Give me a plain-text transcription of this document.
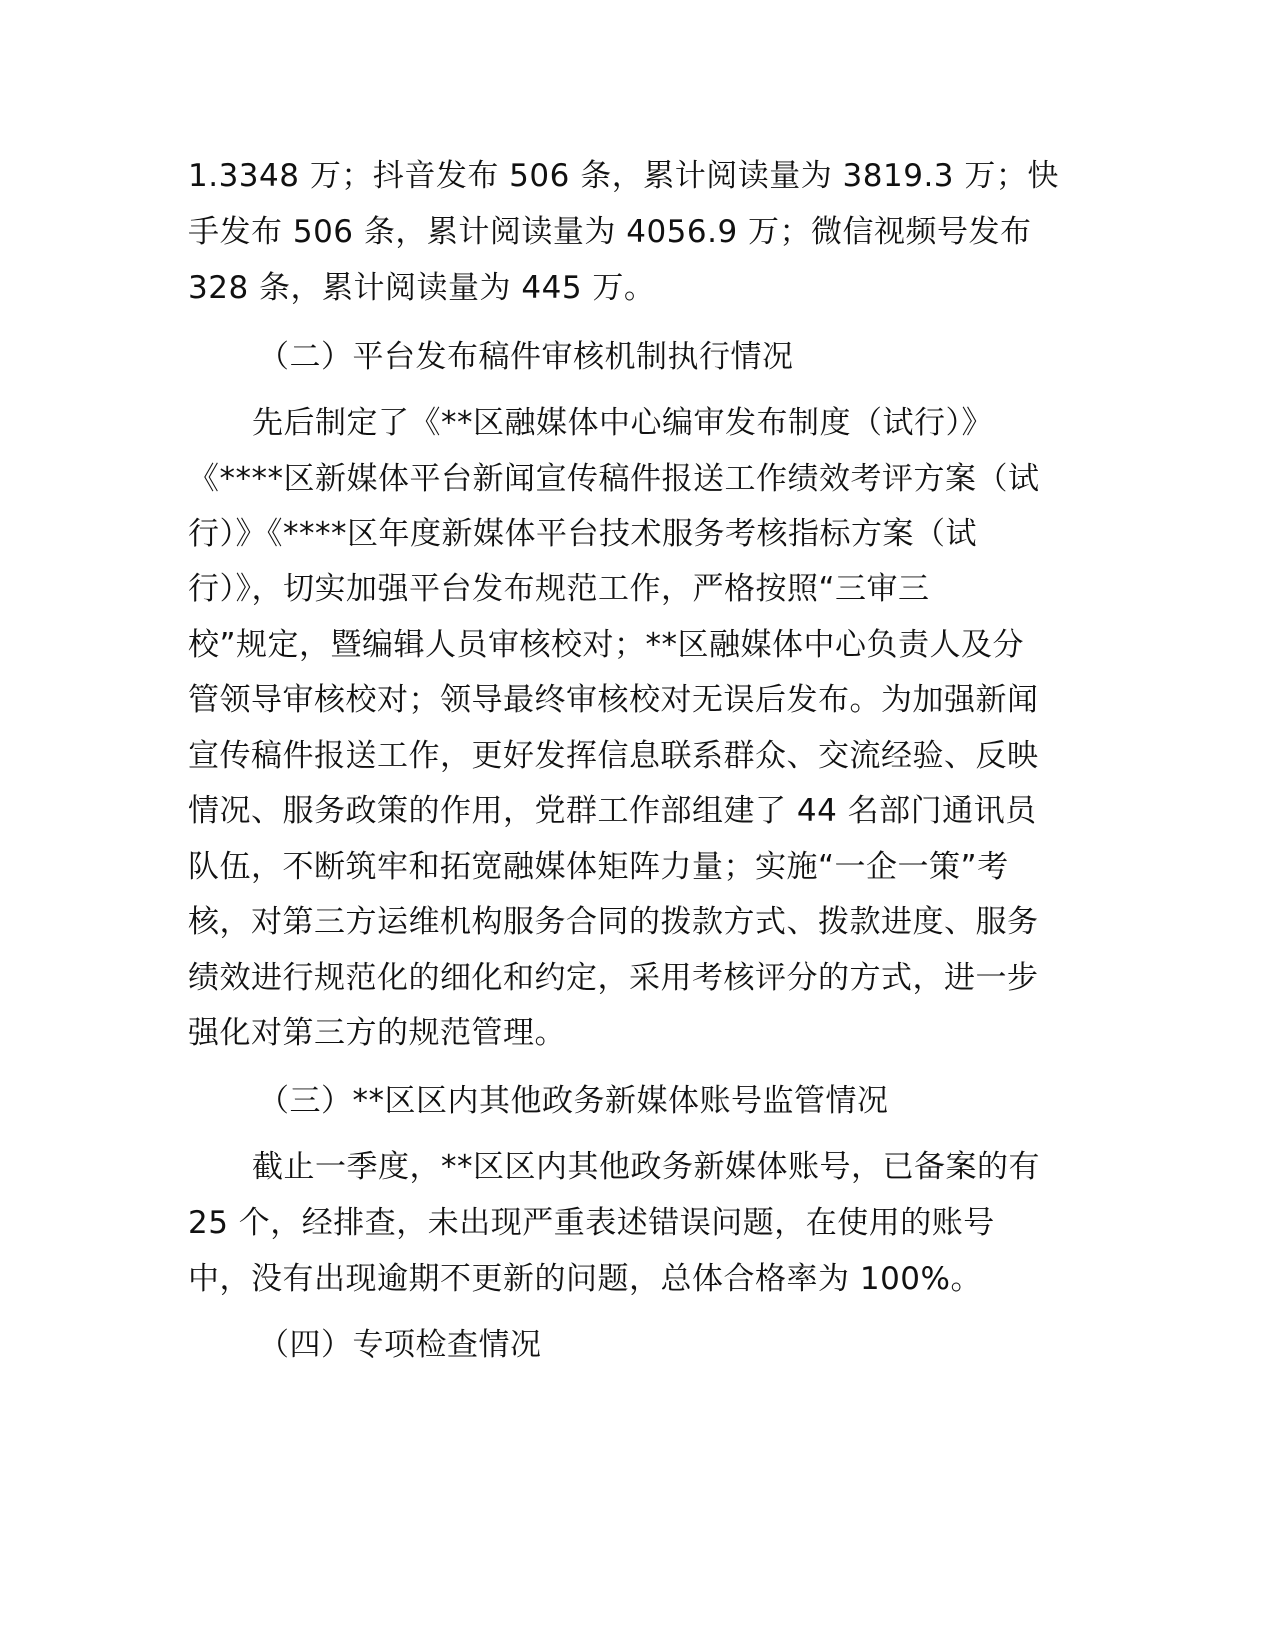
1.3348 万；抖音发布 506 条，累计阅读量为 3819.3 万；快
手发布 506 条，累计阅读量为 4056.9 万；微信视频号发布
328 条，累计阅读量为 445 万。
（二）平台发布稿件审核机制执行情况
先后制定了《**区融媒体中心编审发布制度（试行）》
《****区新媒体平台新闻宣传稿件报送工作绩效考评方案（试
行）》《****区年度新媒体平台技术服务考核指标方案（试
行）》，切实加强平台发布规范工作，严格按照“三审三
校”规定，暨编辑人员审核校对；**区融媒体中心负责人及分
管领导审核校对；领导最终审核校对无误后发布。为加强新闻
宣传稿件报送工作，更好发挥信息联系群众、交流经验、反映
情况、服务政策的作用，党群工作部组建了 44 名部门通讯员
队伍，不断筑牢和拓宽融媒体矩阵力量；实施“一企一策”考
核，对第三方运维机构服务合同的拨款方式、拨款进度、服务
绩效进行规范化的细化和约定，采用考核评分的方式，进一步
强化对第三方的规范管理。
（三）**区区内其他政务新媒体账号监管情况
截止一季度，**区区内其他政务新媒体账号，已备案的有
25 个，经排查，未出现严重表述错误问题，在使用的账号
中，没有出现逾期不更新的问题，总体合格率为 100%。
（四）专项检查情况
